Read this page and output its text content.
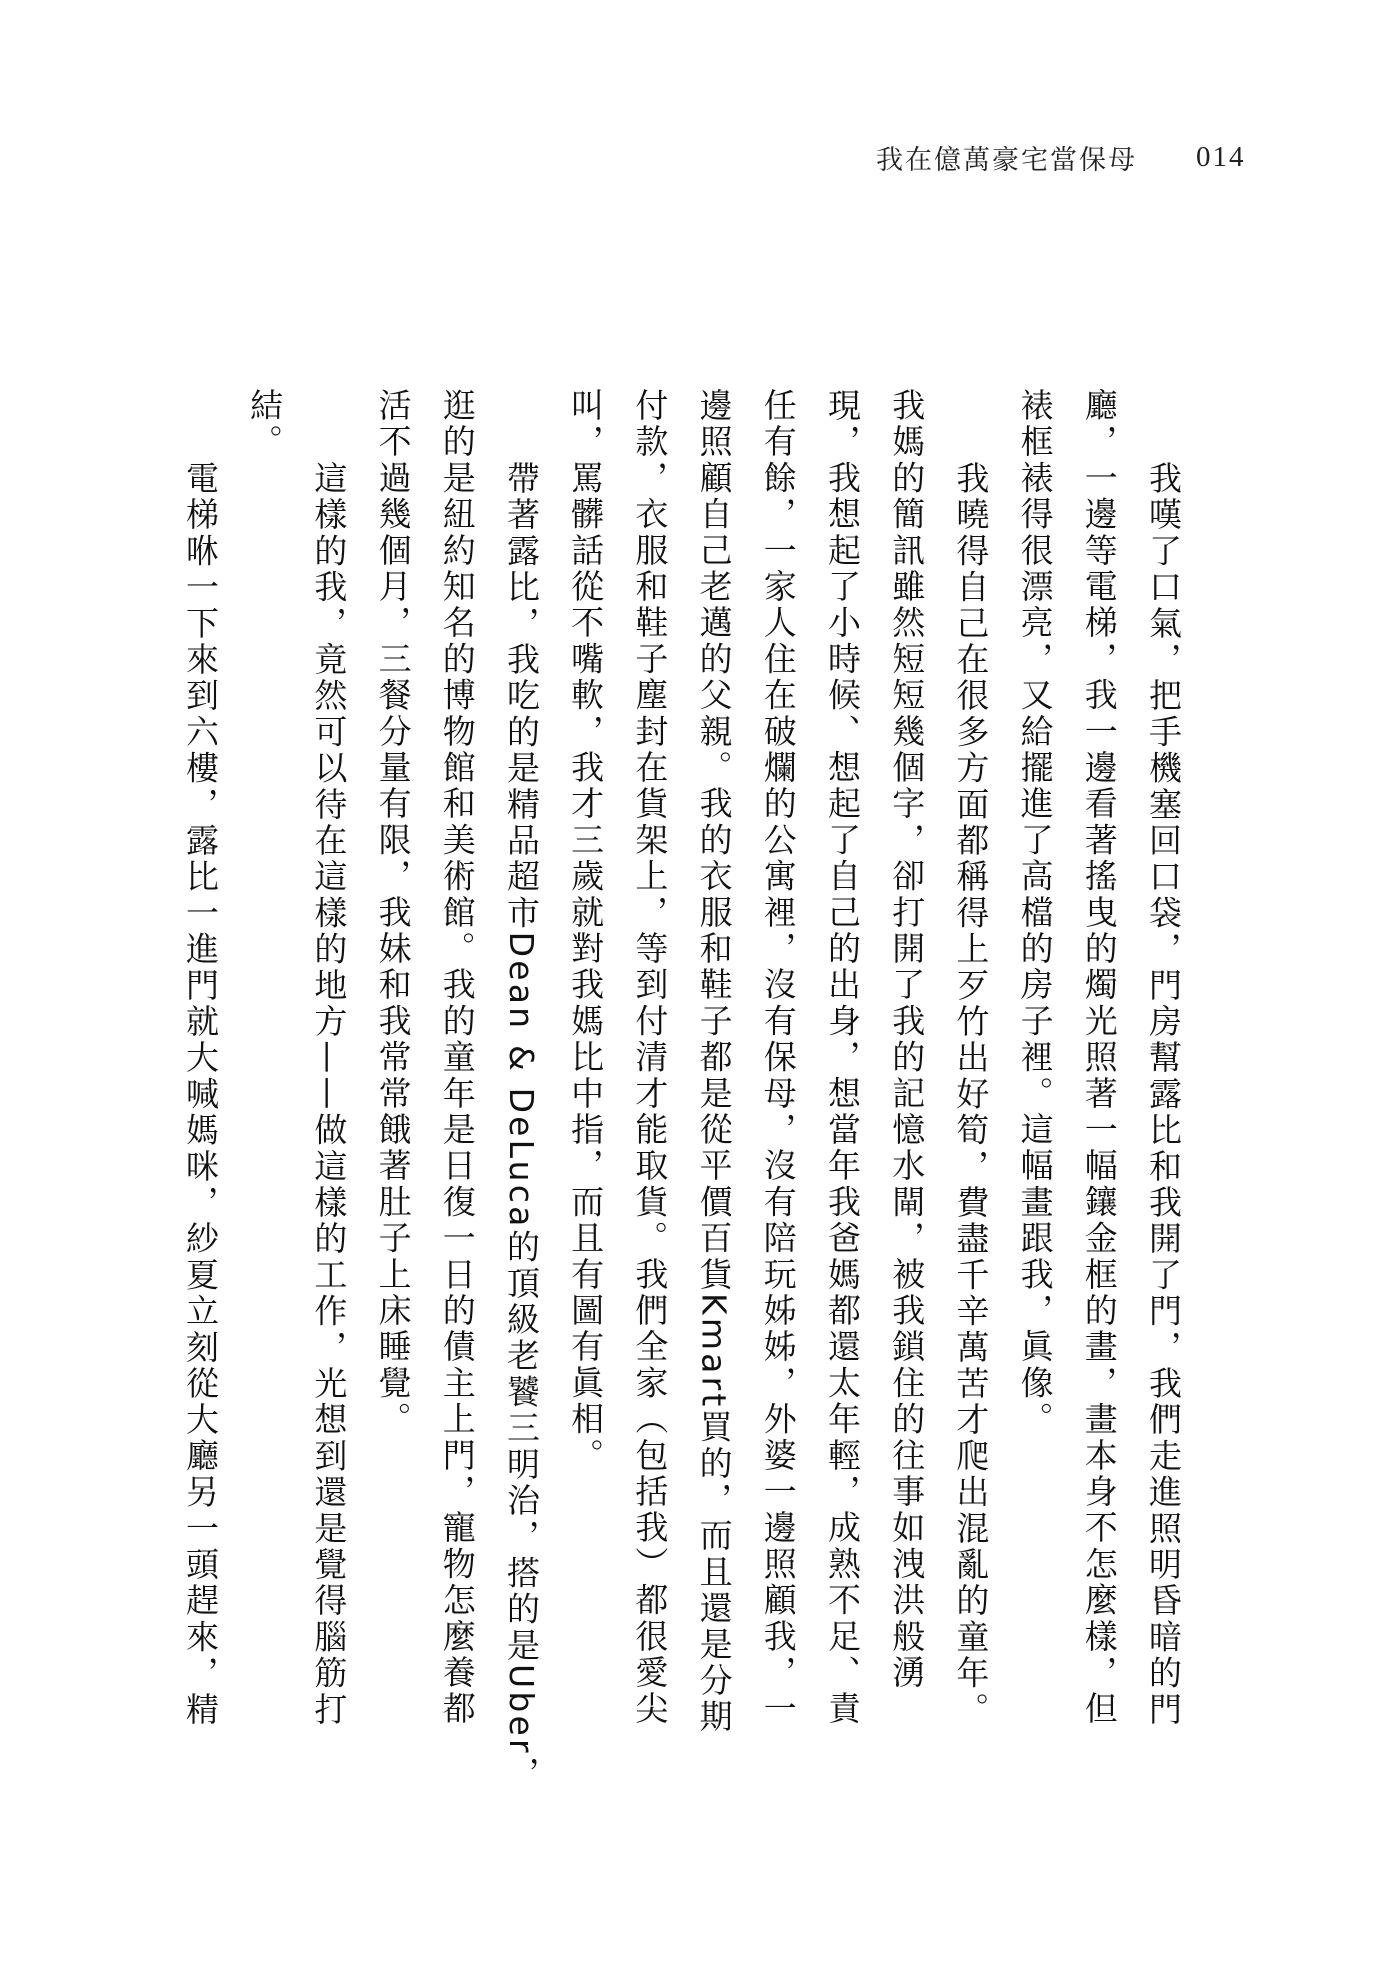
我在億萬豪宅當保母 014

我嘆了口氣，把手機塞回口袋，門房幫露比和我開了門，我們走進照明昏暗的門

廳，一邊等電梯，我一邊看著搖曳的燭光照著一幅鑲金框的畫，畫本身不怎麼樣，但

裱框裱得很漂亮，又給擺進了高檔的房子裡。這幅畫跟我，眞像。

我曉得自己在很多方面都稱得上歹竹出好筍，費盡千辛萬苦才爬出混亂的童年。

我媽的簡訊雖然短短幾個字，卻打開了我的記憶水閘，被我鎖住的往事如洩洪般湧

現，我想起了小時候、想起了自己的出身，想當年我爸媽都還太年輕，成熟不足、責

任有餘，一家人住在破爛的公寓裡，沒有保母，沒有陪玩姊姊，外婆一邊照顧我，一

邊照顧自己老邁的父親。我的衣服和鞋子都是從平價百貨Kmart買的，而且還是分期

付款，衣服和鞋子塵封在貨架上，等到付清才能取貨。我們全家（包括我）都很愛尖

叫，罵髒話從不嘴軟，我才三歲就對我媽比中指，而且有圖有眞相。

帶著露比，我吃的是精品超市Dean & DeLuca的頂級老饕三明治，搭的是Uber，

逛的是紐約知名的博物館和美術館。我的童年是日復一日的債主上門，寵物怎麼養都

活不過幾個月，三餐分量有限，我妹和我常常餓著肚子上床睡覺。

這樣的我，竟然可以待在這樣的地方——做這樣的工作，光想到還是覺得腦筋打

結。

電梯咻一下來到六樓，露比一進門就大喊媽咪，紗夏立刻從大廳另一頭趕來，精
